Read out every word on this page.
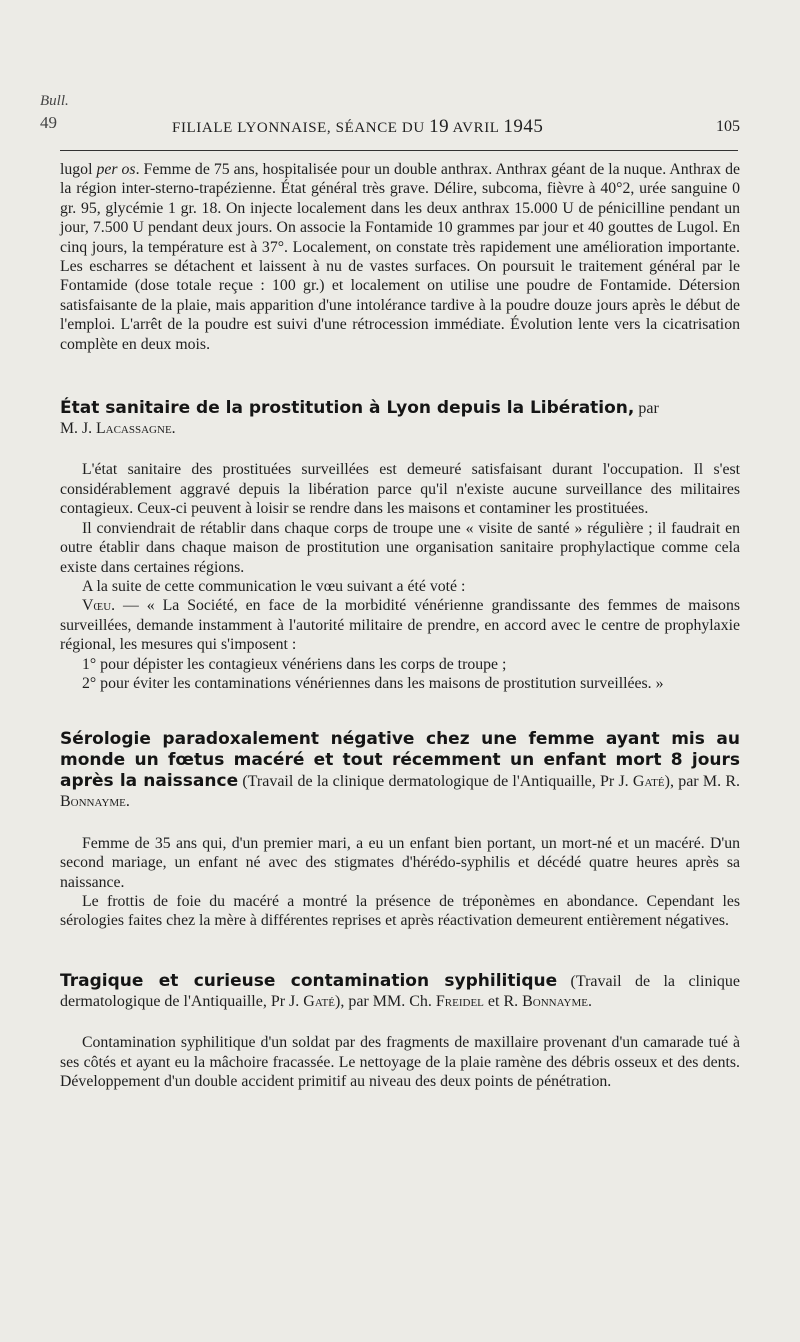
Bull.
49	FILIALE LYONNAISE, SÉANCE DU 19 AVRIL 1945	105

lugol per os. Femme de 75 ans, hospitalisée pour un double anthrax. Anthrax géant de la nuque. Anthrax de la région inter-sterno-trapézienne. État général très grave. Délire, subcoma, fièvre à 40°2, urée sanguine 0 gr. 95, glycémie 1 gr. 18. On injecte localement dans les deux anthrax 15.000 U de pénicilline pendant un jour, 7.500 U pendant deux jours. On associe la Fontamide 10 grammes par jour et 40 gouttes de Lugol. En cinq jours, la température est à 37°. Localement, on constate très rapidement une amélioration importante. Les escharres se détachent et laissent à nu de vastes surfaces. On poursuit le traitement général par le Fontamide (dose totale reçue : 100 gr.) et localement on utilise une poudre de Fontamide. Détersion satisfaisante de la plaie, mais apparition d'une intolérance tardive à la poudre douze jours après le début de l'emploi. L'arrêt de la poudre est suivi d'une rétrocession immédiate. Évolution lente vers la cicatrisation complète en deux mois.

État sanitaire de la prostitution à Lyon depuis la Libération, par

M. J. Lacassagne.

L'état sanitaire des prostituées surveillées est demeuré satisfaisant durant l'occupation. Il s'est considérablement aggravé depuis la libération parce qu'il n'existe aucune surveillance des militaires contagieux. Ceux-ci peuvent à loisir se rendre dans les maisons et contaminer les prostituées.

Il conviendrait de rétablir dans chaque corps de troupe une « visite de santé » régulière ; il faudrait en outre établir dans chaque maison de prostitution une organisation sanitaire prophylactique comme cela existe dans certaines régions.

A la suite de cette communication le vœu suivant a été voté :

Vœu. — « La Société, en face de la morbidité vénérienne grandissante des femmes de maisons surveillées, demande instamment à l'autorité militaire de prendre, en accord avec le centre de prophylaxie régional, les mesures qui s'imposent :

1° pour dépister les contagieux vénériens dans les corps de troupe ;

2° pour éviter les contaminations vénériennes dans les maisons de prostitution surveillées. »

Sérologie paradoxalement négative chez une femme ayant mis au monde un fœtus macéré et tout récemment un enfant mort 8 jours après la naissance (Travail de la clinique dermatologique de l'Antiquaille, Pr J. Gaté), par M. R. Bonnayme.

Femme de 35 ans qui, d'un premier mari, a eu un enfant bien portant, un mort-né et un macéré. D'un second mariage, un enfant né avec des stigmates d'hérédo-syphilis et décédé quatre heures après sa naissance.

Le frottis de foie du macéré a montré la présence de tréponèmes en abondance. Cependant les sérologies faites chez la mère à différentes reprises et après réactivation demeurent entièrement négatives.

Tragique et curieuse contamination syphilitique (Travail de la clinique dermatologique de l'Antiquaille, Pr J. Gaté), par MM. Ch. Freidel et R. Bonnayme.

Contamination syphilitique d'un soldat par des fragments de maxillaire provenant d'un camarade tué à ses côtés et ayant eu la mâchoire fracassée. Le nettoyage de la plaie ramène des débris osseux et des dents. Développement d'un double accident primitif au niveau des deux points de pénétration.
